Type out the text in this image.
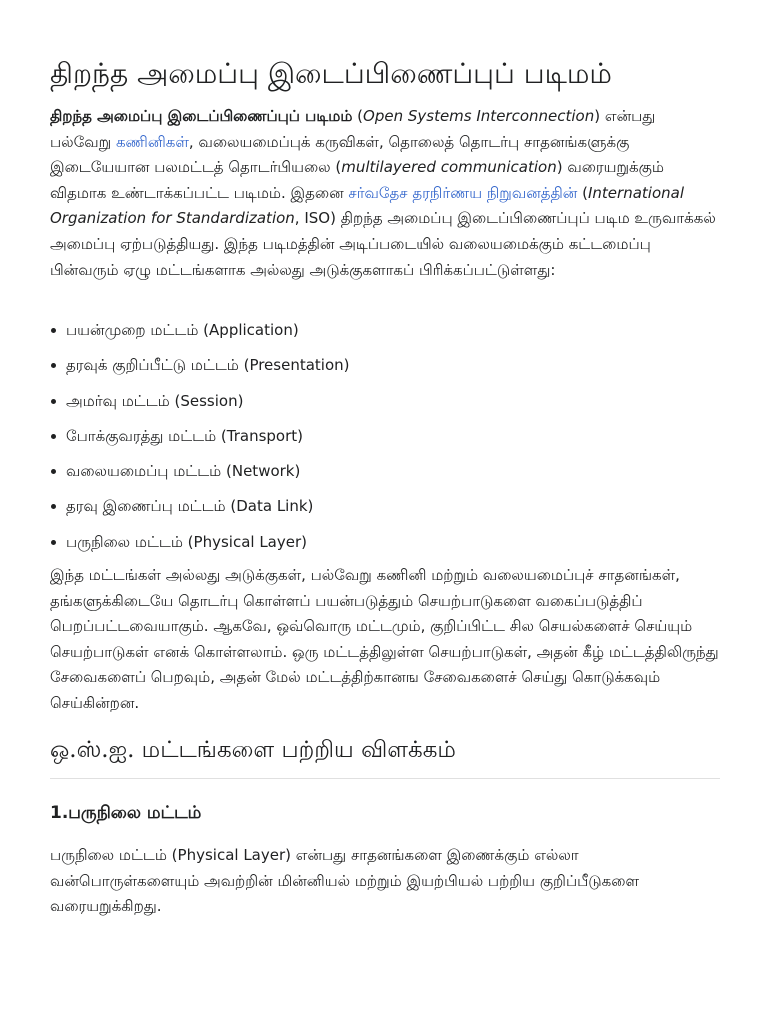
திறந்த அமைப்பு இடைப்பிணைப்புப் படிமம்

திறந்த அமைப்பு இடைப்பிணைப்புப் படிமம் (Open Systems Interconnection) என்பது பல்வேறு கணினிகள், வலையமைப்புக் கருவிகள், தொலைத் தொடர்பு சாதனங்களுக்கு இடையேயான பலமட்டத் தொடர்பியலை (multilayered communication) வரையறுக்கும் விதமாக உண்டாக்கப்பட்ட படிமம். இதனை சர்வதேச தரநிர்ணய நிறுவனத்தின் (International Organization for Standardization, ISO) திறந்த அமைப்பு இடைப்பிணைப்புப் படிம உருவாக்கல் அமைப்பு ஏற்படுத்தியது. இந்த படிமத்தின் அடிப்படையில் வலையமைக்கும் கட்டமைப்பு பின்வரும் ஏழு மட்டங்களாக அல்லது அடுக்குகளாகப் பிரிக்கப்பட்டுள்ளது:

பயன்முறை மட்டம் (Application)
தரவுக் குறிப்பீட்டு மட்டம் (Presentation)
அமர்வு மட்டம் (Session)
போக்குவரத்து மட்டம் (Transport)
வலையமைப்பு மட்டம் (Network)
தரவு இணைப்பு மட்டம் (Data Link)
பருநிலை மட்டம் (Physical Layer)

இந்த மட்டங்கள் அல்லது அடுக்குகள், பல்வேறு கணினி மற்றும் வலையமைப்புச் சாதனங்கள், தங்களுக்கிடையே தொடர்பு கொள்ளப் பயன்படுத்தும் செயற்பாடுகளை வகைப்படுத்திப் பெறப்பட்டவையாகும். ஆகவே, ஒவ்வொரு மட்டமும், குறிப்பிட்ட சில செயல்களைச் செய்யும் செயற்பாடுகள் எனக் கொள்ளலாம். ஒரு மட்டத்திலுள்ள செயற்பாடுகள், அதன் கீழ் மட்டத்திலிருந்து சேவைகளைப் பெறவும், அதன் மேல் மட்டத்திற்கானங சேவைகளைச் செய்து கொடுக்கவும் செய்கின்றன.

ஒ.ஸ்.ஐ. மட்டங்களை பற்றிய விளக்கம்
1.பருநிலை மட்டம்

பருநிலை மட்டம் (Physical Layer) என்பது சாதனங்களை இணைக்கும் எல்லா வன்பொருள்களையும் அவற்றின் மின்னியல் மற்றும் இயற்பியல் பற்றிய குறிப்பீடுகளை வரையறுக்கிறது.
